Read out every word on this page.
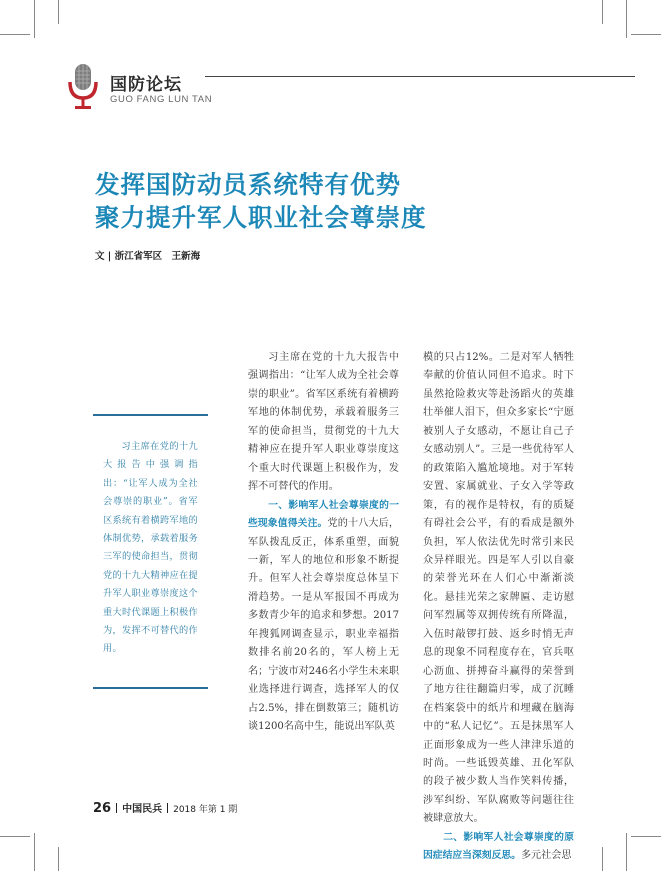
国防论坛
GUO FANG LUN TAN
发挥国防动员系统特有优势
聚力提升军人职业社会尊崇度
文 | 浙江省军区　王新海

习主席在党的十九大报告中强调指出：“让军人成为全社会尊崇的职业”。省军区系统有着横跨军地的体制优势，承载着服务三军的使命担当，贯彻党的十九大精神应在提升军人职业尊崇度这个重大时代课题上积极作为，发挥不可替代的作用。

习主席在党的十九大报告中强调指出：“让军人成为全社会尊崇的职业”。省军区系统有着横跨军地的体制优势，承载着服务三军的使命担当，贯彻党的十九大精神应在提升军人职业尊崇度这个重大时代课题上积极作为，发挥不可替代的作用。

一、影响军人社会尊崇度的一些现象值得关注。党的十八大后，军队拨乱反正，体系重塑，面貌一新，军人的地位和形象不断提升。但军人社会尊崇度总体呈下滑趋势。一是从军报国不再成为多数青少年的追求和梦想。2017年搜狐网调查显示，职业幸福指数排名前20名的，军人榜上无名；宁波市对246名小学生未来职业选择进行调查，选择军人的仅占2.5%，排在倒数第三；随机访谈1200名高中生，能说出军队英

模的只占12%。二是对军人牺牲奉献的价值认同但不追求。时下虽然抢险救灾等赴汤蹈火的英雄壮举催人泪下，但众多家长“宁愿被别人子女感动，不愿让自己子女感动别人”。三是一些优待军人的政策陷入尴尬境地。对于军转安置、家属就业、子女入学等政策，有的视作是特权，有的质疑有碍社会公平，有的看成是额外负担，军人依法优先时常引来民众异样眼光。四是军人引以自豪的荣誉光环在人们心中渐渐淡化。悬挂光荣之家牌匾、走访慰问军烈属等双拥传统有所降温，入伍时敲锣打鼓、返乡时悄无声息的现象不同程度存在，官兵呕心沥血、拼搏奋斗赢得的荣誉到了地方往往翻篇归零，成了沉睡在档案袋中的纸片和埋藏在脑海中的“私人记忆”。五是抹黑军人正面形象成为一些人津津乐道的时尚。一些诋毁英雄、丑化军队的段子被少数人当作笑料传播，涉军纠纷、军队腐败等问题往往被肆意放大。

二、影响军人社会尊崇度的原因症结应当深刻反思。多元社会思

26 中国民兵 2018 年第 1 期
